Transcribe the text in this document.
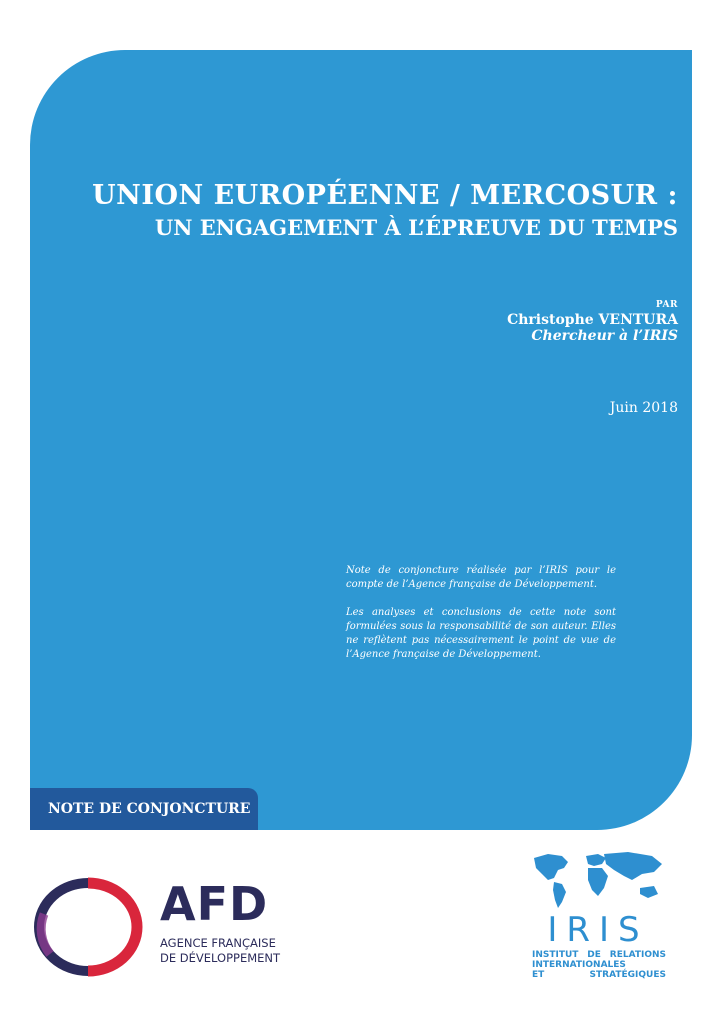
UNION EUROPÉENNE / MERCOSUR :
UN ENGAGEMENT À L’ÉPREUVE DU TEMPS
PAR
Christophe VENTURA
Chercheur à l’IRIS
Juin 2018

Note de conjoncture réalisée par l’IRIS pour le compte de l’Agence française de Développement.

Les analyses et conclusions de cette note sont formulées sous la responsabilité de son auteur. Elles ne reflètent pas nécessairement le point de vue de l’Agence française de Développement.

NOTE DE CONJONCTURE
AFD
AGENCE FRANÇAISE
DE DÉVELOPPEMENT
IRIS
INSTITUT DE RELATIONS
INTERNATIONALES
ET STRATÉGIQUES
